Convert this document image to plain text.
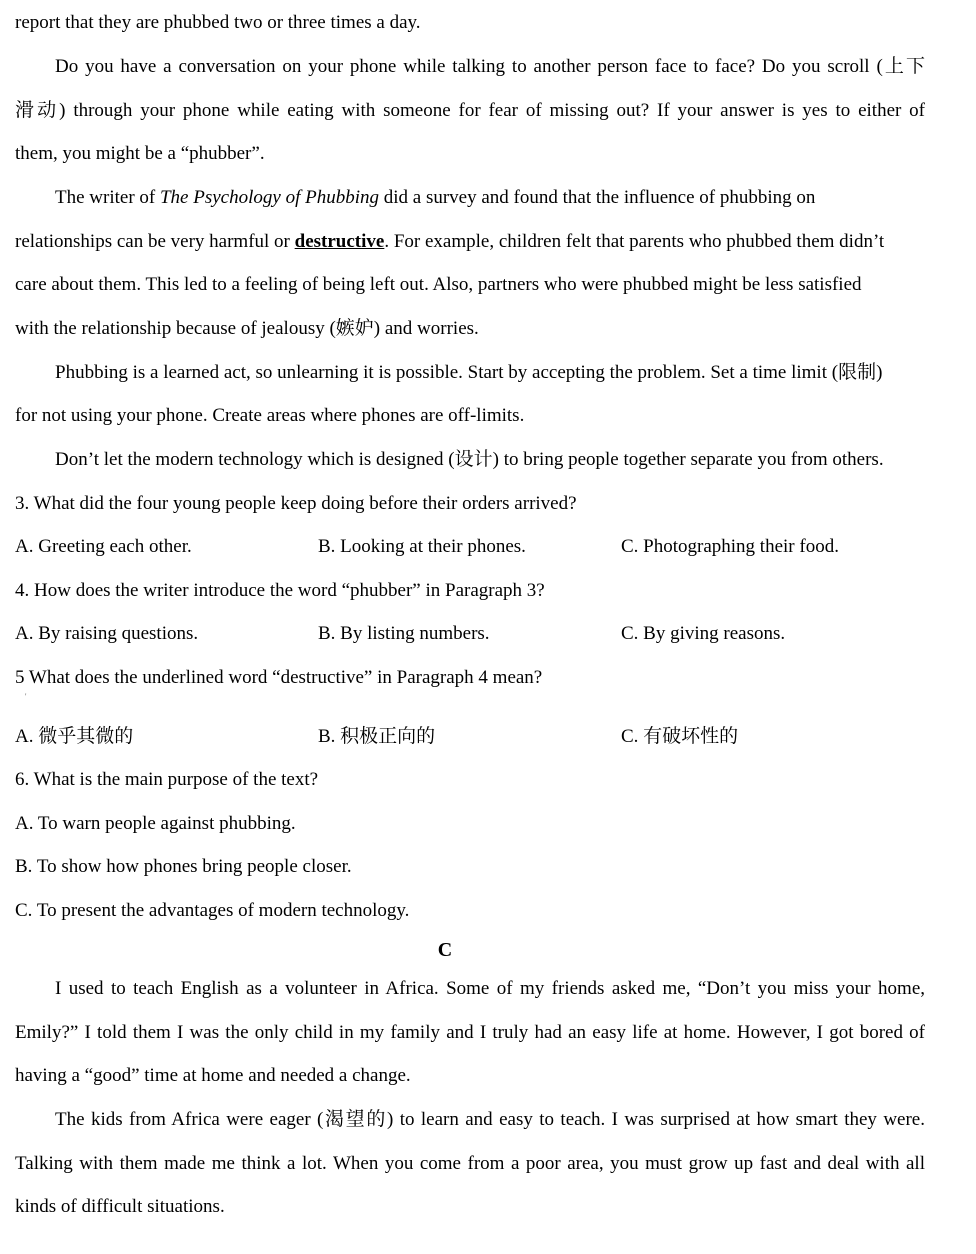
report that they are phubbed two or three times a day.
Do you have a conversation on your phone while talking to another person face to face? Do you scroll (上下
滑动) through your phone while eating with someone for fear of missing out? If your answer is yes to either of
them, you might be a “phubber”.
The writer of The Psychology of Phubbing did a survey and found that the influence of phubbing on
relationships can be very harmful or destructive. For example, children felt that parents who phubbed them didn’t
care about them. This led to a feeling of being left out. Also, partners who were phubbed might be less satisfied
with the relationship because of jealousy (嫉妒) and worries.
Phubbing is a learned act, so unlearning it is possible. Start by accepting the problem. Set a time limit (限制)
for not using your phone. Create areas where phones are off-limits.
Don’t let the modern technology which is designed (设计) to bring people together separate you from others.
3. What did the four young people keep doing before their orders arrived?
A. Greeting each other.	B. Looking at their phones.	C. Photographing their food.
4. How does the writer introduce the word “phubber” in Paragraph 3?
A. By raising questions.	B. By listing numbers.	C. By giving reasons.
5 What does the underlined word “destructive” in Paragraph 4 mean?
'
A. 微乎其微的	B. 积极正向的	C. 有破坏性的
6. What is the main purpose of the text?
A. To warn people against phubbing.
B. To show how phones bring people closer.
C. To present the advantages of modern technology.
C
I used to teach English as a volunteer in Africa. Some of my friends asked me, “Don’t you miss your home,
Emily?” I told them I was the only child in my family and I truly had an easy life at home. However, I got bored of
having a “good” time at home and needed a change.
The kids from Africa were eager (渴望的) to learn and easy to teach. I was surprised at how smart they were.
Talking with them made me think a lot. When you come from a poor area, you must grow up fast and deal with all
kinds of difficult situations.
